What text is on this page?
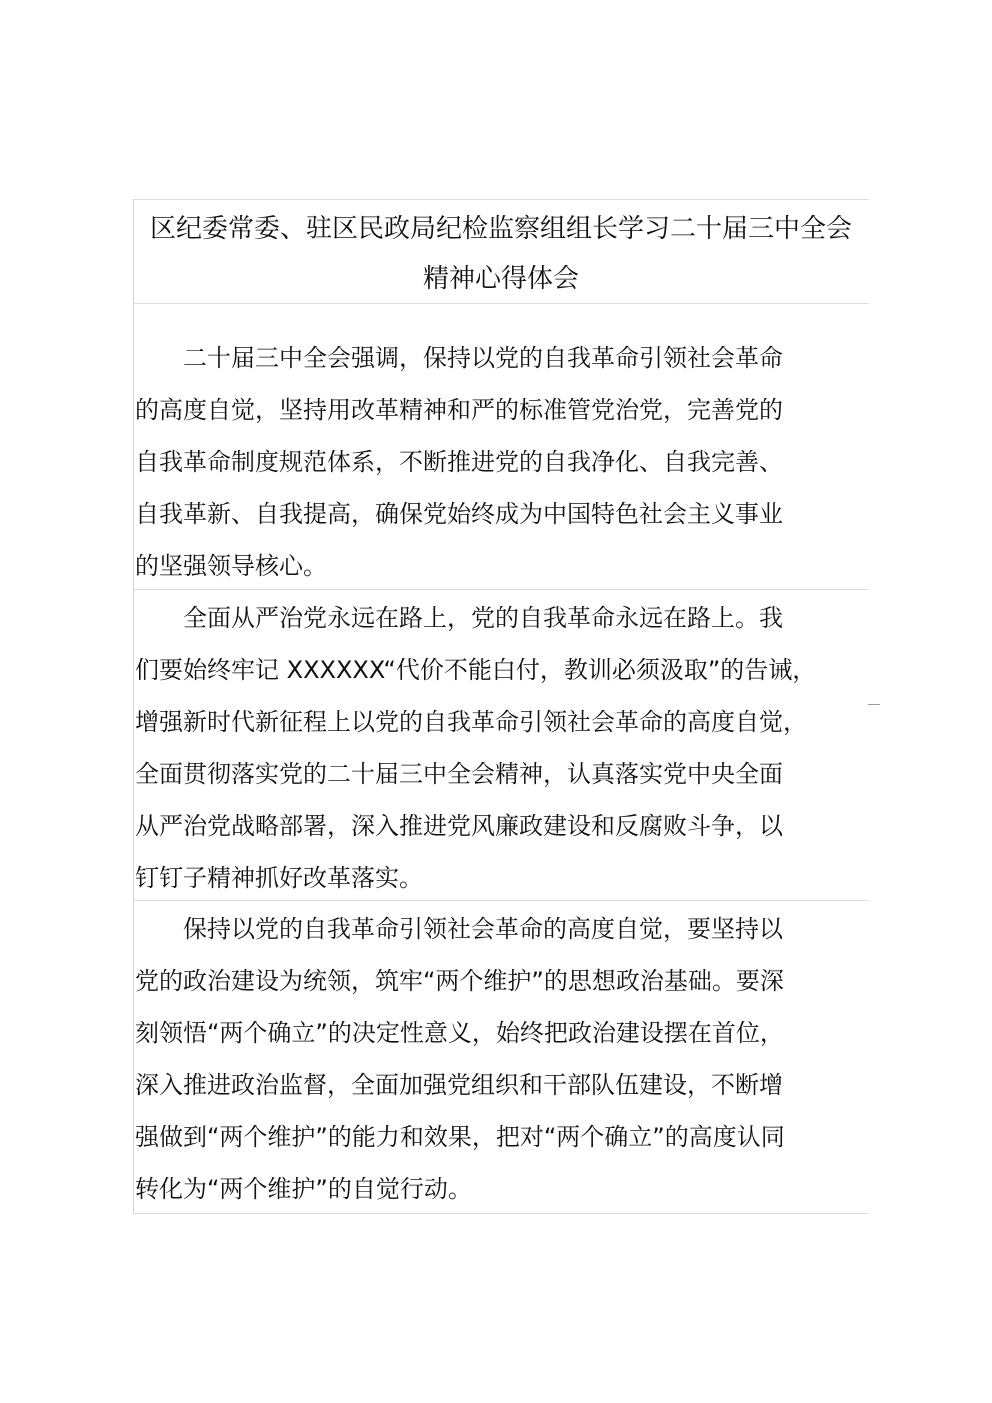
区纪委常委、驻区民政局纪检监察组组长学习二十届三中全会
精神心得体会
　　二十届三中全会强调，保持以党的自我革命引领社会革命
的高度自觉，坚持用改革精神和严的标准管党治党，完善党的
自我革命制度规范体系，不断推进党的自我净化、自我完善、
自我革新、自我提高，确保党始终成为中国特色社会主义事业
的坚强领导核心。
　　全面从严治党永远在路上，党的自我革命永远在路上。我
们要始终牢记 XXXXXX“代价不能白付，教训必须汲取”的告诫，
增强新时代新征程上以党的自我革命引领社会革命的高度自觉，
全面贯彻落实党的二十届三中全会精神，认真落实党中央全面
从严治党战略部署，深入推进党风廉政建设和反腐败斗争，以
钉钉子精神抓好改革落实。
　　保持以党的自我革命引领社会革命的高度自觉，要坚持以
党的政治建设为统领，筑牢“两个维护”的思想政治基础。要深
刻领悟“两个确立”的决定性意义，始终把政治建设摆在首位，
深入推进政治监督，全面加强党组织和干部队伍建设，不断增
强做到“两个维护”的能力和效果，把对“两个确立”的高度认同
转化为“两个维护”的自觉行动。
